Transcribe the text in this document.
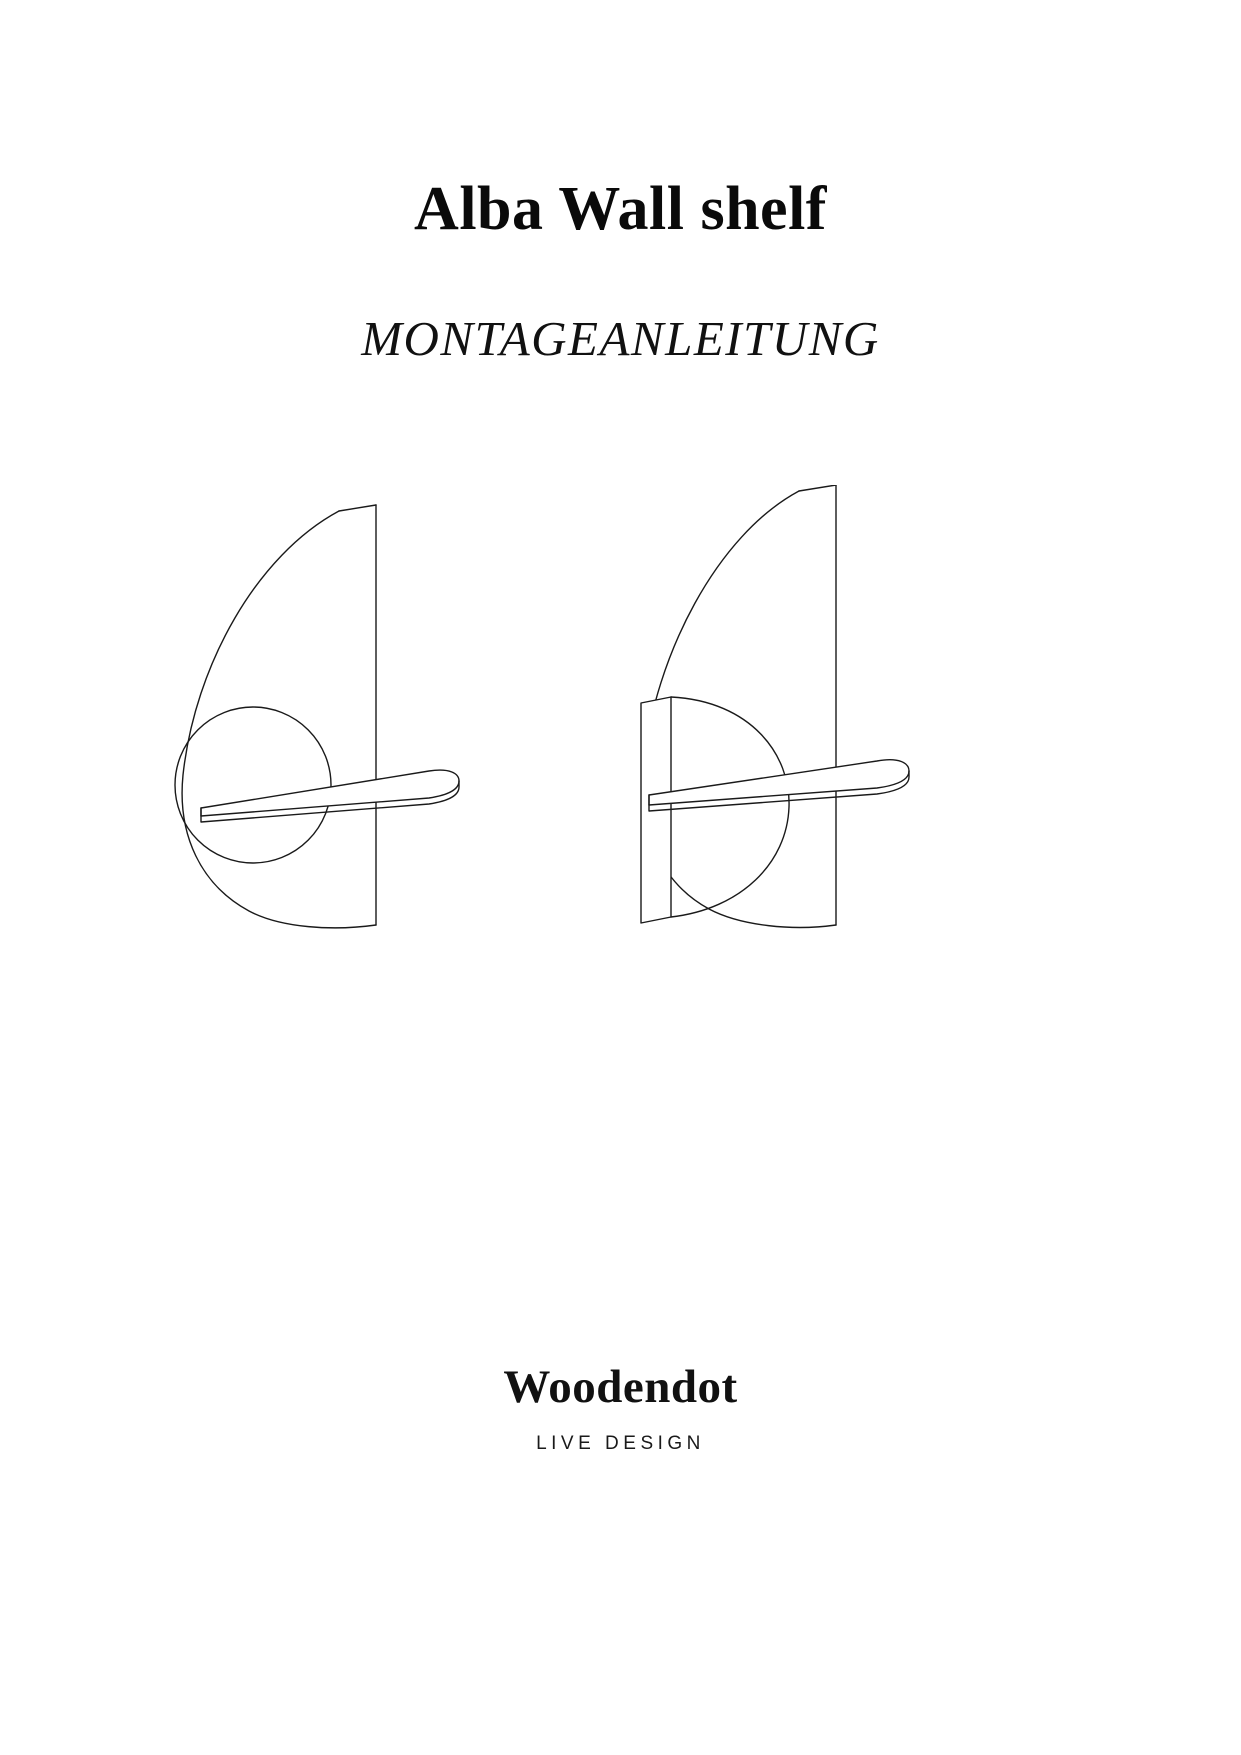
Alba Wall shelf
MONTAGEANLEITUNG
Woodendot
LIVE DESIGN
